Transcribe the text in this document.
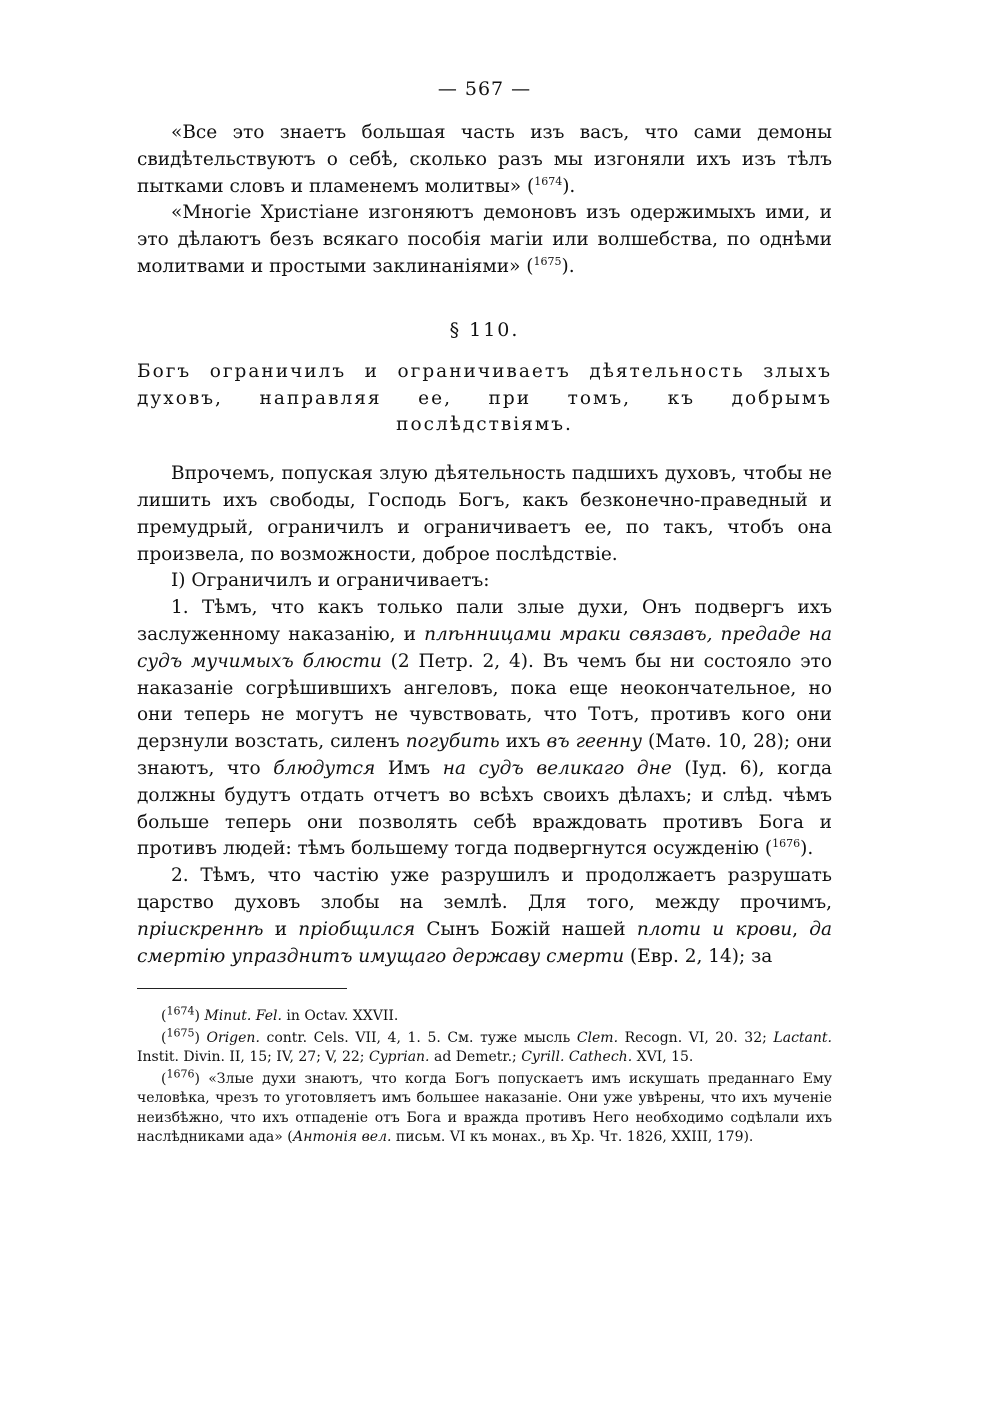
— 567 —

«Все это знаетъ большая часть изъ васъ, что сами демоны свидѣтельствуютъ о себѣ, сколько разъ мы изгоняли ихъ изъ тѣлъ пытками словъ и пламенемъ молитвы» ($^{1674}$).

«Многіе Христіане изгоняютъ демоновъ изъ одержимыхъ ими, и это дѣлаютъ безъ всякаго пособія магіи или волшебства, по однѣми молитвами и простыми заклинаніями» ($^{1675}$).

§ 110.

Богъ ограничилъ и ограничиваетъ дѣятельность злыхъ духовъ, направляя ее, при томъ, къ добрымъ послѣдствіямъ.

Впрочемъ, попуская злую дѣятельность падшихъ духовъ, чтобы не лишить ихъ свободы, Господь Богъ, какъ безконечно-праведный и премудрый, ограничилъ и ограничиваетъ ее, по такъ, чтобъ она произвела, по возможности, доброе послѣдствіе.

I) Ограничилъ и ограничиваетъ:

1. Тѣмъ, что какъ только пали злые духи, Онъ подвергъ ихъ заслуженному наказанію, и плѣнницами мраки связавъ, предаде на судъ мучимыхъ блюсти (2 Петр. 2, 4). Въ чемъ бы ни состояло это наказаніе согрѣшившихъ ангеловъ, пока еще неокончательное, но они теперь не могутъ не чувствовать, что Тотъ, противъ кого они дерзнули возстать, силенъ погубить ихъ въ геенну (Матѳ. 10, 28); они знаютъ, что блюдутся Имъ на судъ великаго дне (Іуд. 6), когда должны будутъ отдать отчетъ во всѣхъ своихъ дѣлахъ; и слѣд. чѣмъ больше теперь они позволять себѣ враждовать противъ Бога и противъ людей: тѣмъ большему тогда подвергнутся осужденію ($^{1676}$).

2. Тѣмъ, что частію уже разрушилъ и продолжаетъ разрушать царство духовъ злобы на землѣ. Для того, между прочимъ, пріискреннѣ и пріобщился Сынъ Божій нашей плоти и крови, да смертію упразднитъ имущаго державу смерти (Евр. 2, 14); за

($^{1674}$) Minut. Fel. in Octav. XXVII.

($^{1675}$) Origen. contr. Cels. VII, 4, 1. 5. См. туже мысль Clem. Recogn. VI, 20. 32; Lactant. Instit. Divin. II, 15; IV, 27; V, 22; Cyprian. ad Demetr.; Cyrill. Cathech. XVI, 15.

($^{1676}$) «Злые духи знаютъ, что когда Богъ попускаетъ имъ искушать преданнаго Ему человѣка, чрезъ то уготовляетъ имъ большее наказаніе. Они уже увѣрены, что ихъ мученіе неизбѣжно, что ихъ отпаденіе отъ Бога и вражда противъ Него необходимо содѣлали ихъ наслѣдниками ада» (Антонія вел. письм. VI къ монах., въ Хр. Чт. 1826, XXIII, 179).
